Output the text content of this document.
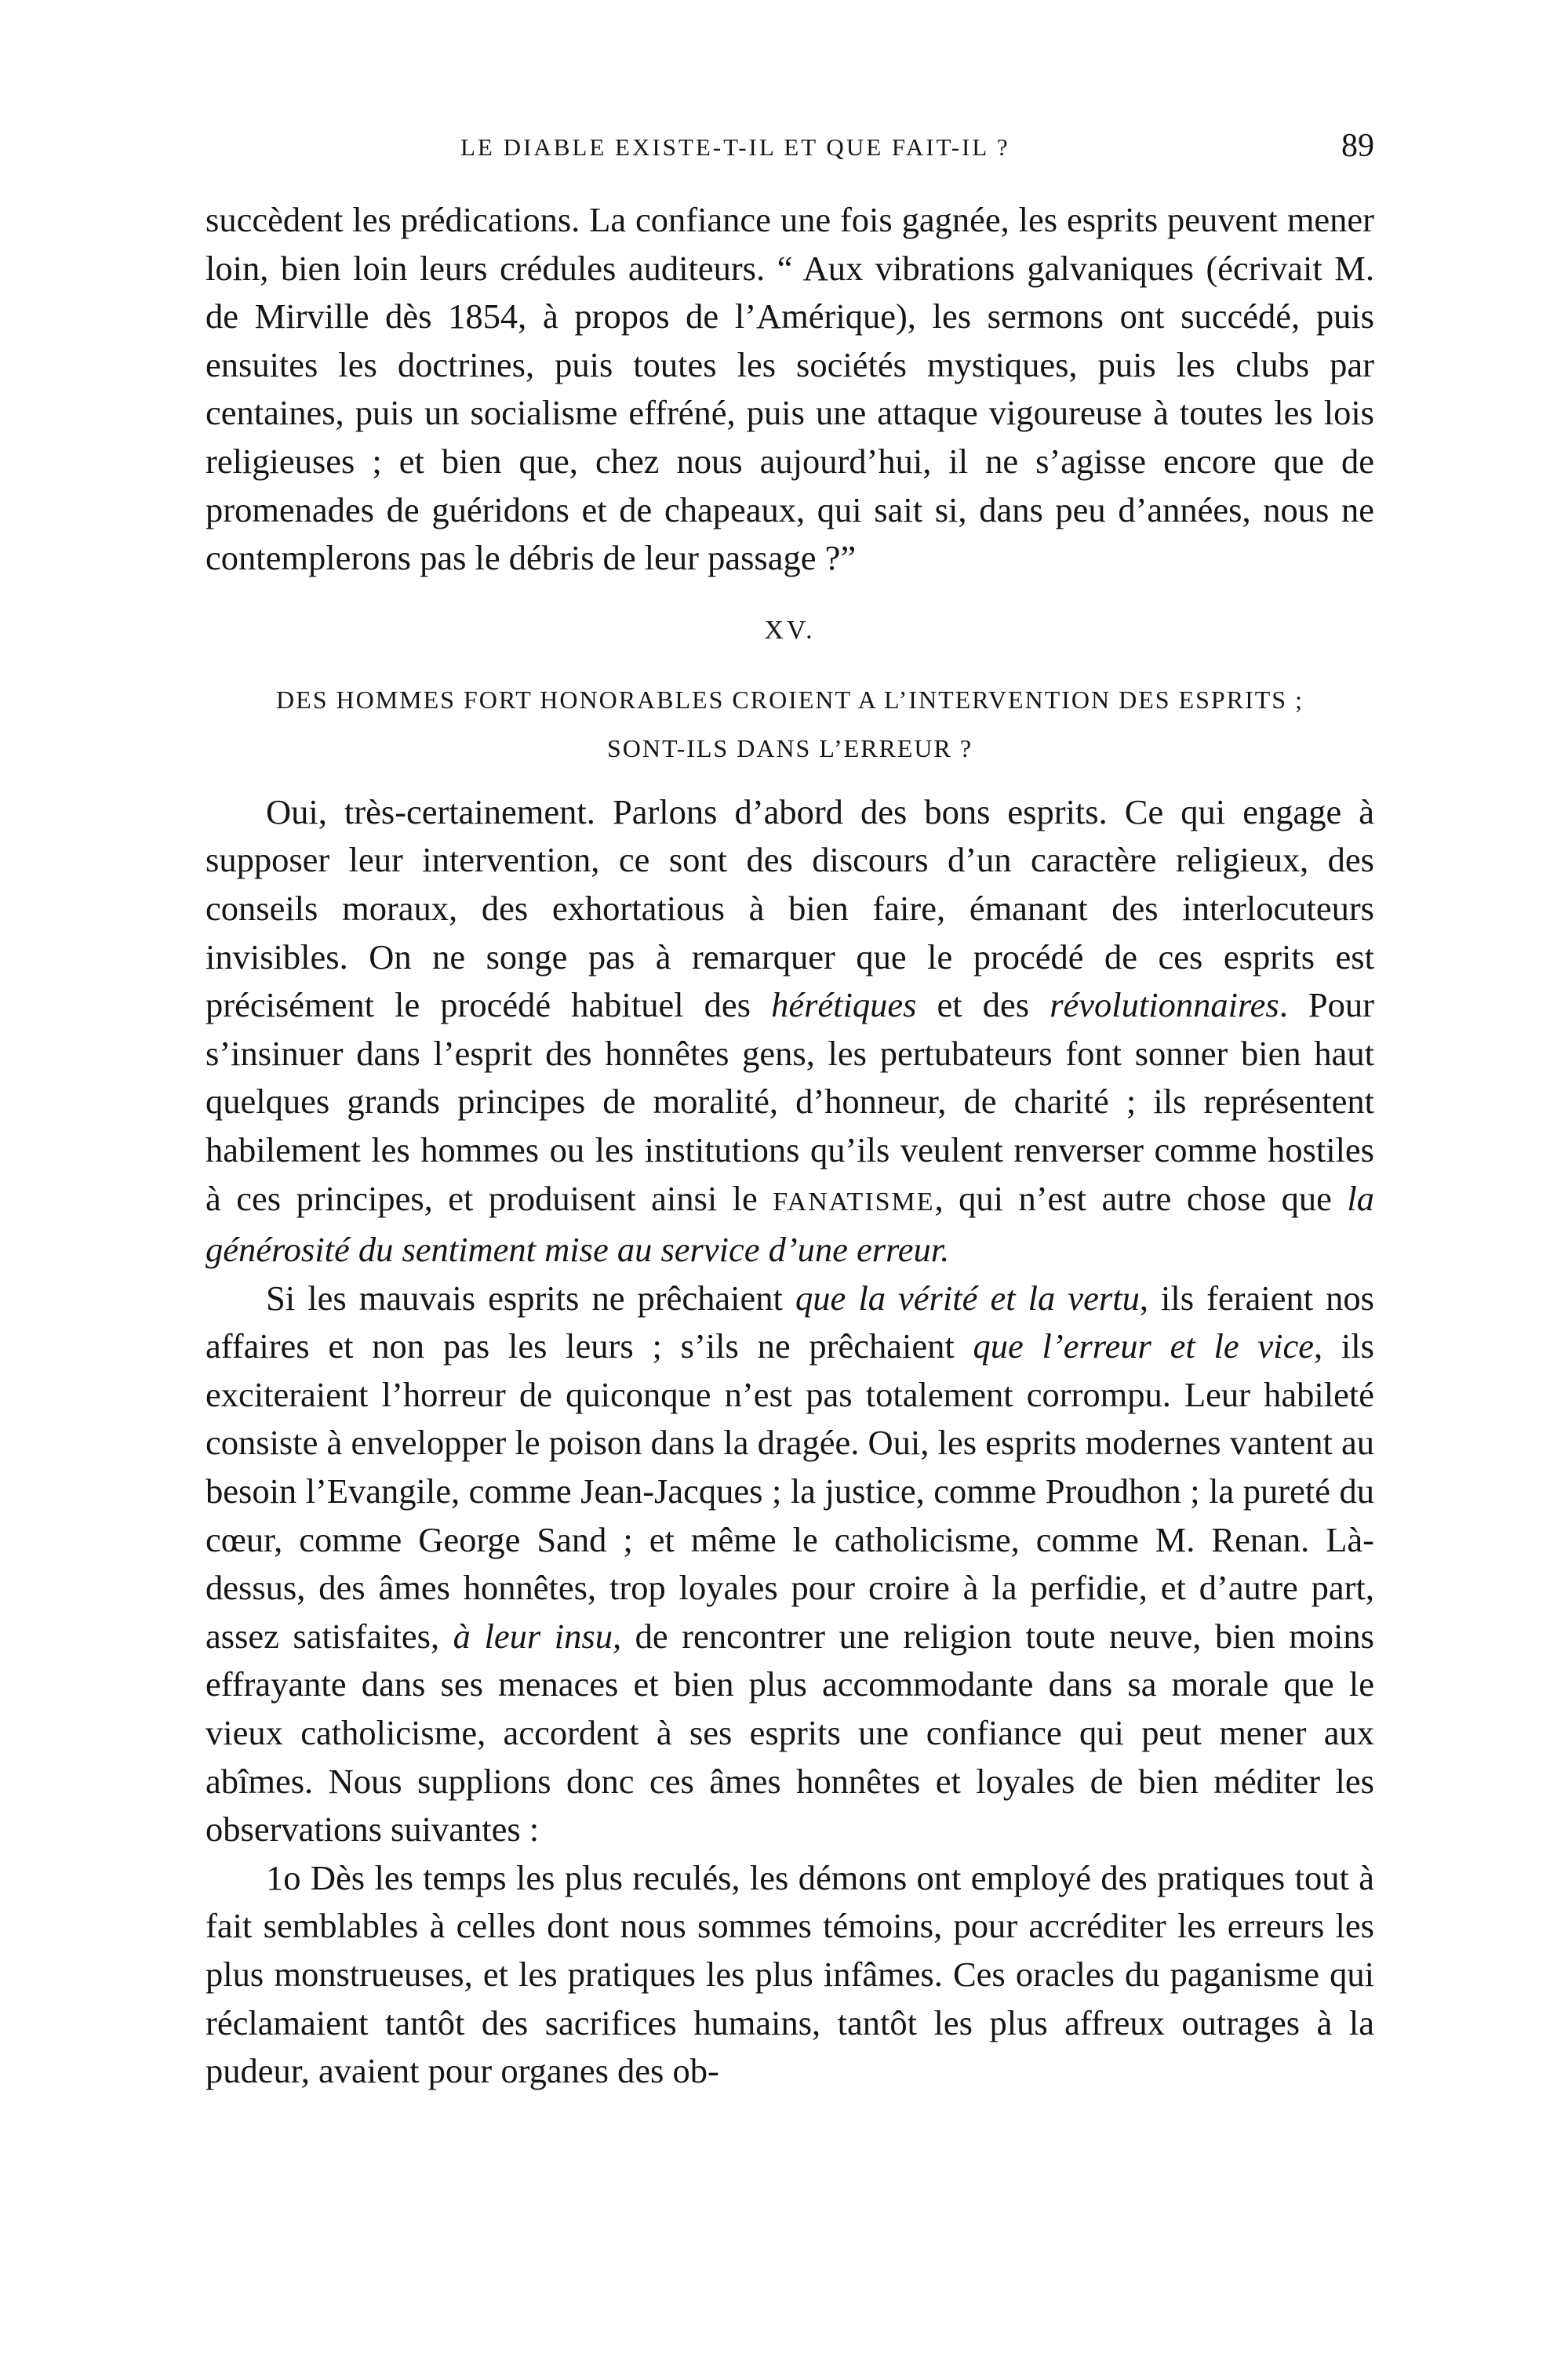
LE DIABLE EXISTE-T-IL ET QUE FAIT-IL ?	89

succèdent les prédications. La confiance une fois gagnée, les esprits peuvent mener loin, bien loin leurs crédules auditeurs. “ Aux vibrations galvaniques (écrivait M. de Mirville dès 1854, à propos de l’Amérique), les sermons ont succédé, puis ensuites les doctrines, puis toutes les sociétés mystiques, puis les clubs par centaines, puis un socialisme effréné, puis une attaque vigoureuse à toutes les lois religieuses ; et bien que, chez nous aujourd’hui, il ne s’agisse encore que de promenades de guéridons et de chapeaux, qui sait si, dans peu d’années, nous ne contemplerons pas le débris de leur passage ?”

XV.
DES HOMMES FORT HONORABLES CROIENT A L’INTERVENTION DES ESPRITS ;
SONT-ILS DANS L’ERREUR ?

Oui, très-certainement. Parlons d’abord des bons esprits. Ce qui engage à supposer leur intervention, ce sont des discours d’un caractère religieux, des conseils moraux, des exhortatious à bien faire, émanant des interlocuteurs invisibles. On ne songe pas à remarquer que le procédé de ces esprits est précisément le procédé habituel des hérétiques et des révolutionnaires. Pour s’insinuer dans l’esprit des honnêtes gens, les pertubateurs font sonner bien haut quelques grands principes de moralité, d’honneur, de charité ; ils représentent habilement les hommes ou les institutions qu’ils veulent renverser comme hostiles à ces principes, et produisent ainsi le FANATISME, qui n’est autre chose que la générosité du sentiment mise au service d’une erreur.

Si les mauvais esprits ne prêchaient que la vérité et la vertu, ils feraient nos affaires et non pas les leurs ; s’ils ne prêchaient que l’erreur et le vice, ils exciteraient l’horreur de quiconque n’est pas totalement corrompu. Leur habileté consiste à envelopper le poison dans la dragée. Oui, les esprits modernes vantent au besoin l’Evangile, comme Jean-Jacques ; la justice, comme Proudhon ; la pureté du cœur, comme George Sand ; et même le catholicisme, comme M. Renan. Là-dessus, des âmes honnêtes, trop loyales pour croire à la perfidie, et d’autre part, assez satisfaites, à leur insu, de rencontrer une religion toute neuve, bien moins effrayante dans ses menaces et bien plus accommodante dans sa morale que le vieux catholicisme, accordent à ses esprits une confiance qui peut mener aux abîmes. Nous supplions donc ces âmes honnêtes et loyales de bien méditer les observations suivantes :

1o Dès les temps les plus reculés, les démons ont employé des pratiques tout à fait semblables à celles dont nous sommes témoins, pour accréditer les erreurs les plus monstrueuses, et les pratiques les plus infâmes. Ces oracles du paganisme qui réclamaient tantôt des sacrifices humains, tantôt les plus affreux outrages à la pudeur, avaient pour organes des ob-
